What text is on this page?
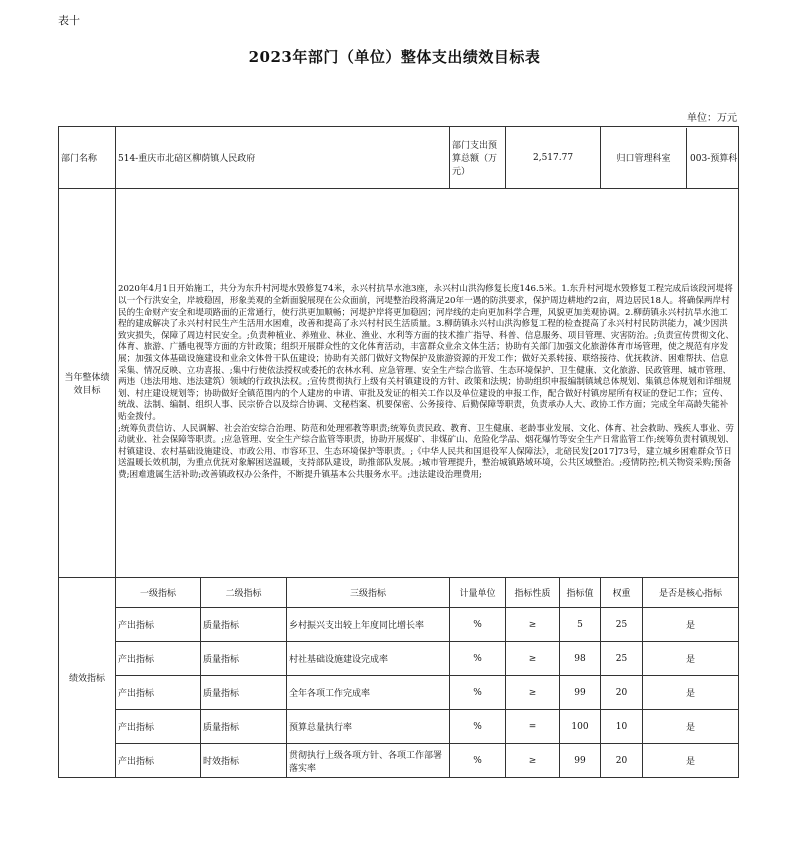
表十
2023年部门（单位）整体支出绩效目标表
单位：万元
部门名称	514-重庆市北碚区柳荫镇人民政府			部门支出预算总额（万元）	2,517.77		归口管理科室 003-预算科	

当年整体绩效目标	2020年4月1日开始施工，共分为东升村河堤水毁修复74米，永兴村抗旱水池3座，永兴村山洪沟修复长度146.5米。1.东升村河堤水毁修复工程完成后该段河堤将以一个行洪安全，岸坡稳固，形象美观的全新面貌展现在公众面前，河堤整治段将满足20年一遇的防洪要求，保护周边耕地约2亩，周边居民18人。将确保两岸村民的生命财产安全和堤项路面的正常通行，使行洪更加顺畅；河堤护岸将更加稳固；河岸线的走向更加科学合理，风貌更加美观协调。2.柳荫镇永兴村抗旱水池工程的建成解决了永兴村村民生产生活用水困难，改善和提高了永兴村村民生活质量。3.柳荫镇永兴村山洪沟修复工程的检查提高了永兴村村民防洪能力，减少因洪致灾损失，保障了周边村民安全。;负责种植业、养殖业、林业、渔业、水利等方面的技术推广指导、科普、信息服务、项目管理、灾害防治。;负责宣传贯彻文化、体育、旅游、广播电视等方面的方针政策；组织开展群众性的文化体育活动，丰富群众业余文体生活；协助有关部门加强文化旅游体育市场管理，使之规范有序发展；加强文体基础设施建设和业余文体骨干队伍建设；协助有关部门做好文物保护及旅游资源的开发工作；做好关系转接、联络接待、优抚救济、困难帮扶、信息采集、情况反映、立功喜报、;集中行使依法授权或委托的农林水利、应急管理、安全生产综合监管、生态环境保护、卫生健康、文化旅游、民政管理、城市管理、两违（违法用地、违法建筑）领域的行政执法权。;宣传贯彻执行上级有关村镇建设的方针、政策和法规；协助组织申报编制镇域总体规划、集镇总体规划和详细规划、村庄建设规划等；协助做好全镇范围内的个人建房的申请、审批及发证的相关工作以及单位建设的申报工作，配合做好村镇房屋所有权证的登记工作；宣传、统战、法制、编制、组织人事、民宗侨合以及综合协调、文秘档案、机要保密、公务接待、后勤保障等职责，负责承办人大、政协工作方面；完成全年高龄失能补贴金拨付。
;统筹负责信访、人民调解、社会治安综合治理、防范和处理邪教等职责;统筹负责民政、教育、卫生健康、老龄事业发展、文化、体育、社会救助、残疾人事业、劳动就业、社会保障等职责。;应急管理、安全生产综合监管等职责，协助开展煤矿、非煤矿山、危险化学品、烟花爆竹等安全生产日常监管工作;统筹负责村镇规划、村镇建设、农村基础设施建设、市政公用、市容环卫、生态环境保护等职责。;《中华人民共和国退役军人保障法》，北碚民发[2017]73号，建立城乡困难群众节日送温暖长效机制，为重点优抚对象解困送温暖，支持部队建设，助推部队发展。;城市管理提升，整治城镇路域环境，公共区域整治。;疫情防控;机关物资采购;预备费;困难遗属生活补助;改善镇政权办公条件，不断提升镇基本公共服务水平。;违法建设治理费用;							

绩效指标	一级指标	二级指标	三级指标	计量单位	指标性质	指标值	权重	是否是核心指标
	产出指标	质量指标	乡村振兴支出较上年度同比增长率	%	≥	5	25	是
	产出指标	质量指标	村社基础设施建设完成率	%	≥	98	25	是
	产出指标	质量指标	全年各项工作完成率	%	≥	99	20	是
	产出指标	质量指标	预算总量执行率	%	=	100	10	是
	产出指标	时效指标	贯彻执行上级各项方针、各项工作部署落实率	%	≥	99	20	是
